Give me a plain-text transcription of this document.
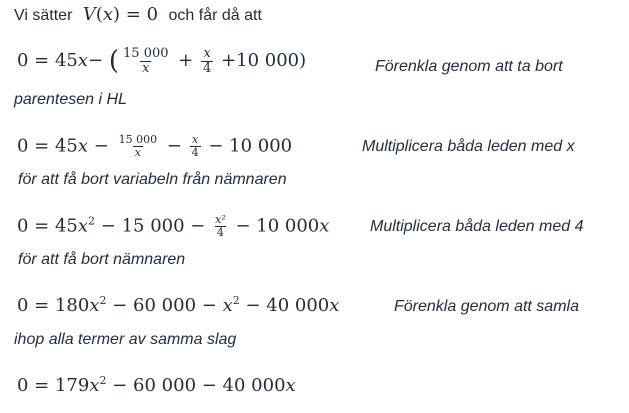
Vi sätter V(x) = 0 och får då att
0 = 45x− ( $\frac{15 000}{x} + \frac{x}{4} +10$ 000)	Förenkla genom att ta bort
parentesen i HL
$0 = 45x - \frac{15 000}{x} - \frac{x}{4} - 10$ 000	Multiplicera båda leden med x
för att få bort variabeln från nämnaren
$0 = 45x^2 - 15$ $000 - \frac{\text{x²}}{4} - 10$ 000x	Multiplicera båda leden med 4
för att få bort nämnaren
$0 = 180x^2 - 60$ $000 - x^2 - 40$ 000x	Förenkla genom att samla
ihop alla termer av samma slag
$0 = 179x^2 - 60$ 000 − 40 000x
